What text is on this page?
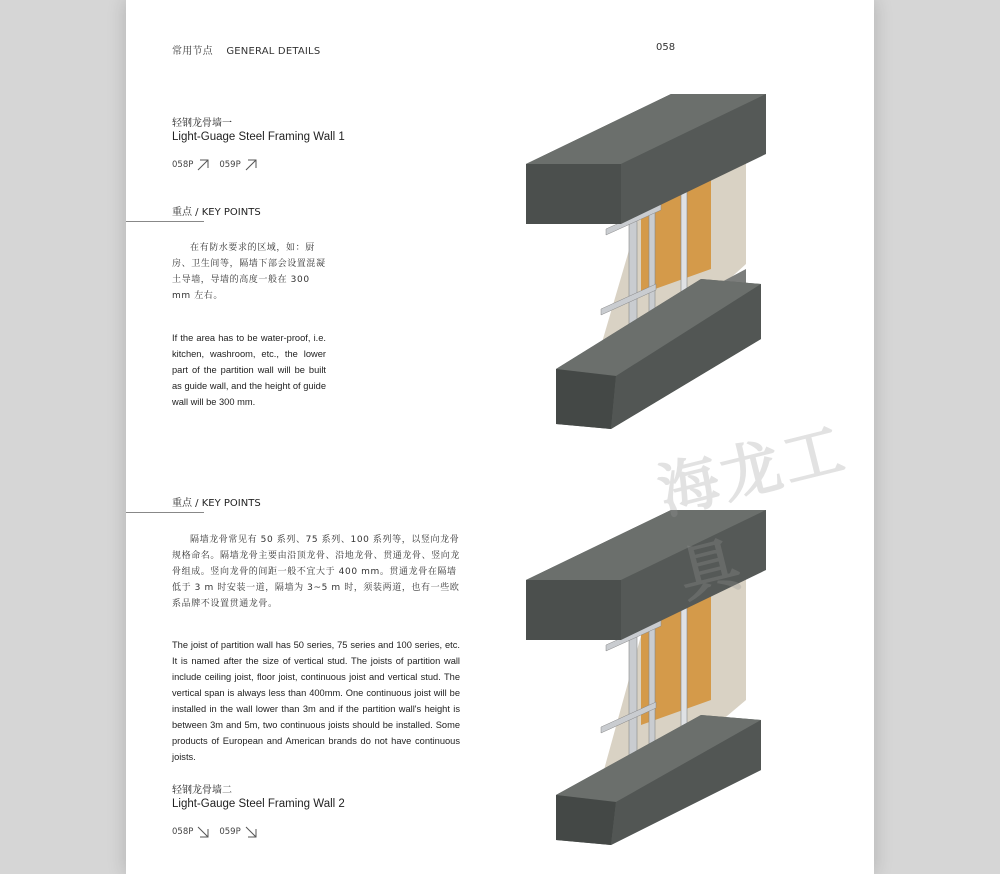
常用节点    GENERAL DETAILS	058
轻钢龙骨墙一
Light-Guage Steel Framing Wall 1
058P	059P
重点 / KEY POINTS
在有防水要求的区域，如：厨房、卫生间等，隔墙下部会设置混凝土导墙，导墙的高度一般在 300 mm 左右。
If the area has to be water-proof, i.e. kitchen, washroom, etc., the lower part of the partition wall will be built as guide wall, and the height of guide wall will be 300 mm.
重点 / KEY POINTS
隔墙龙骨常见有 50 系列、75 系列、100 系列等，以竖向龙骨规格命名。隔墙龙骨主要由沿顶龙骨、沿地龙骨、贯通龙骨、竖向龙骨组成。竖向龙骨的间距一般不宜大于 400 mm。贯通龙骨在隔墙低于 3 m 时安装一道，隔墙为 3~5 m 时，须装两道，也有一些欧系品牌不设置贯通龙骨。
The joist of partition wall has 50 series, 75 series and 100 series, etc. It is named after the size of vertical stud. The joists of partition wall include ceiling joist, floor joist, continuous joist and vertical stud. The vertical span is always less than 400mm. One continuous joist will be installed in the wall lower than 3m and if the partition wall's height is between 3m and 5m, two continuous joists should be installed. Some products of European and American brands do not have continuous joists.
轻钢龙骨墙二
Light-Gauge Steel Framing Wall 2
058P	059P
海龙工具
